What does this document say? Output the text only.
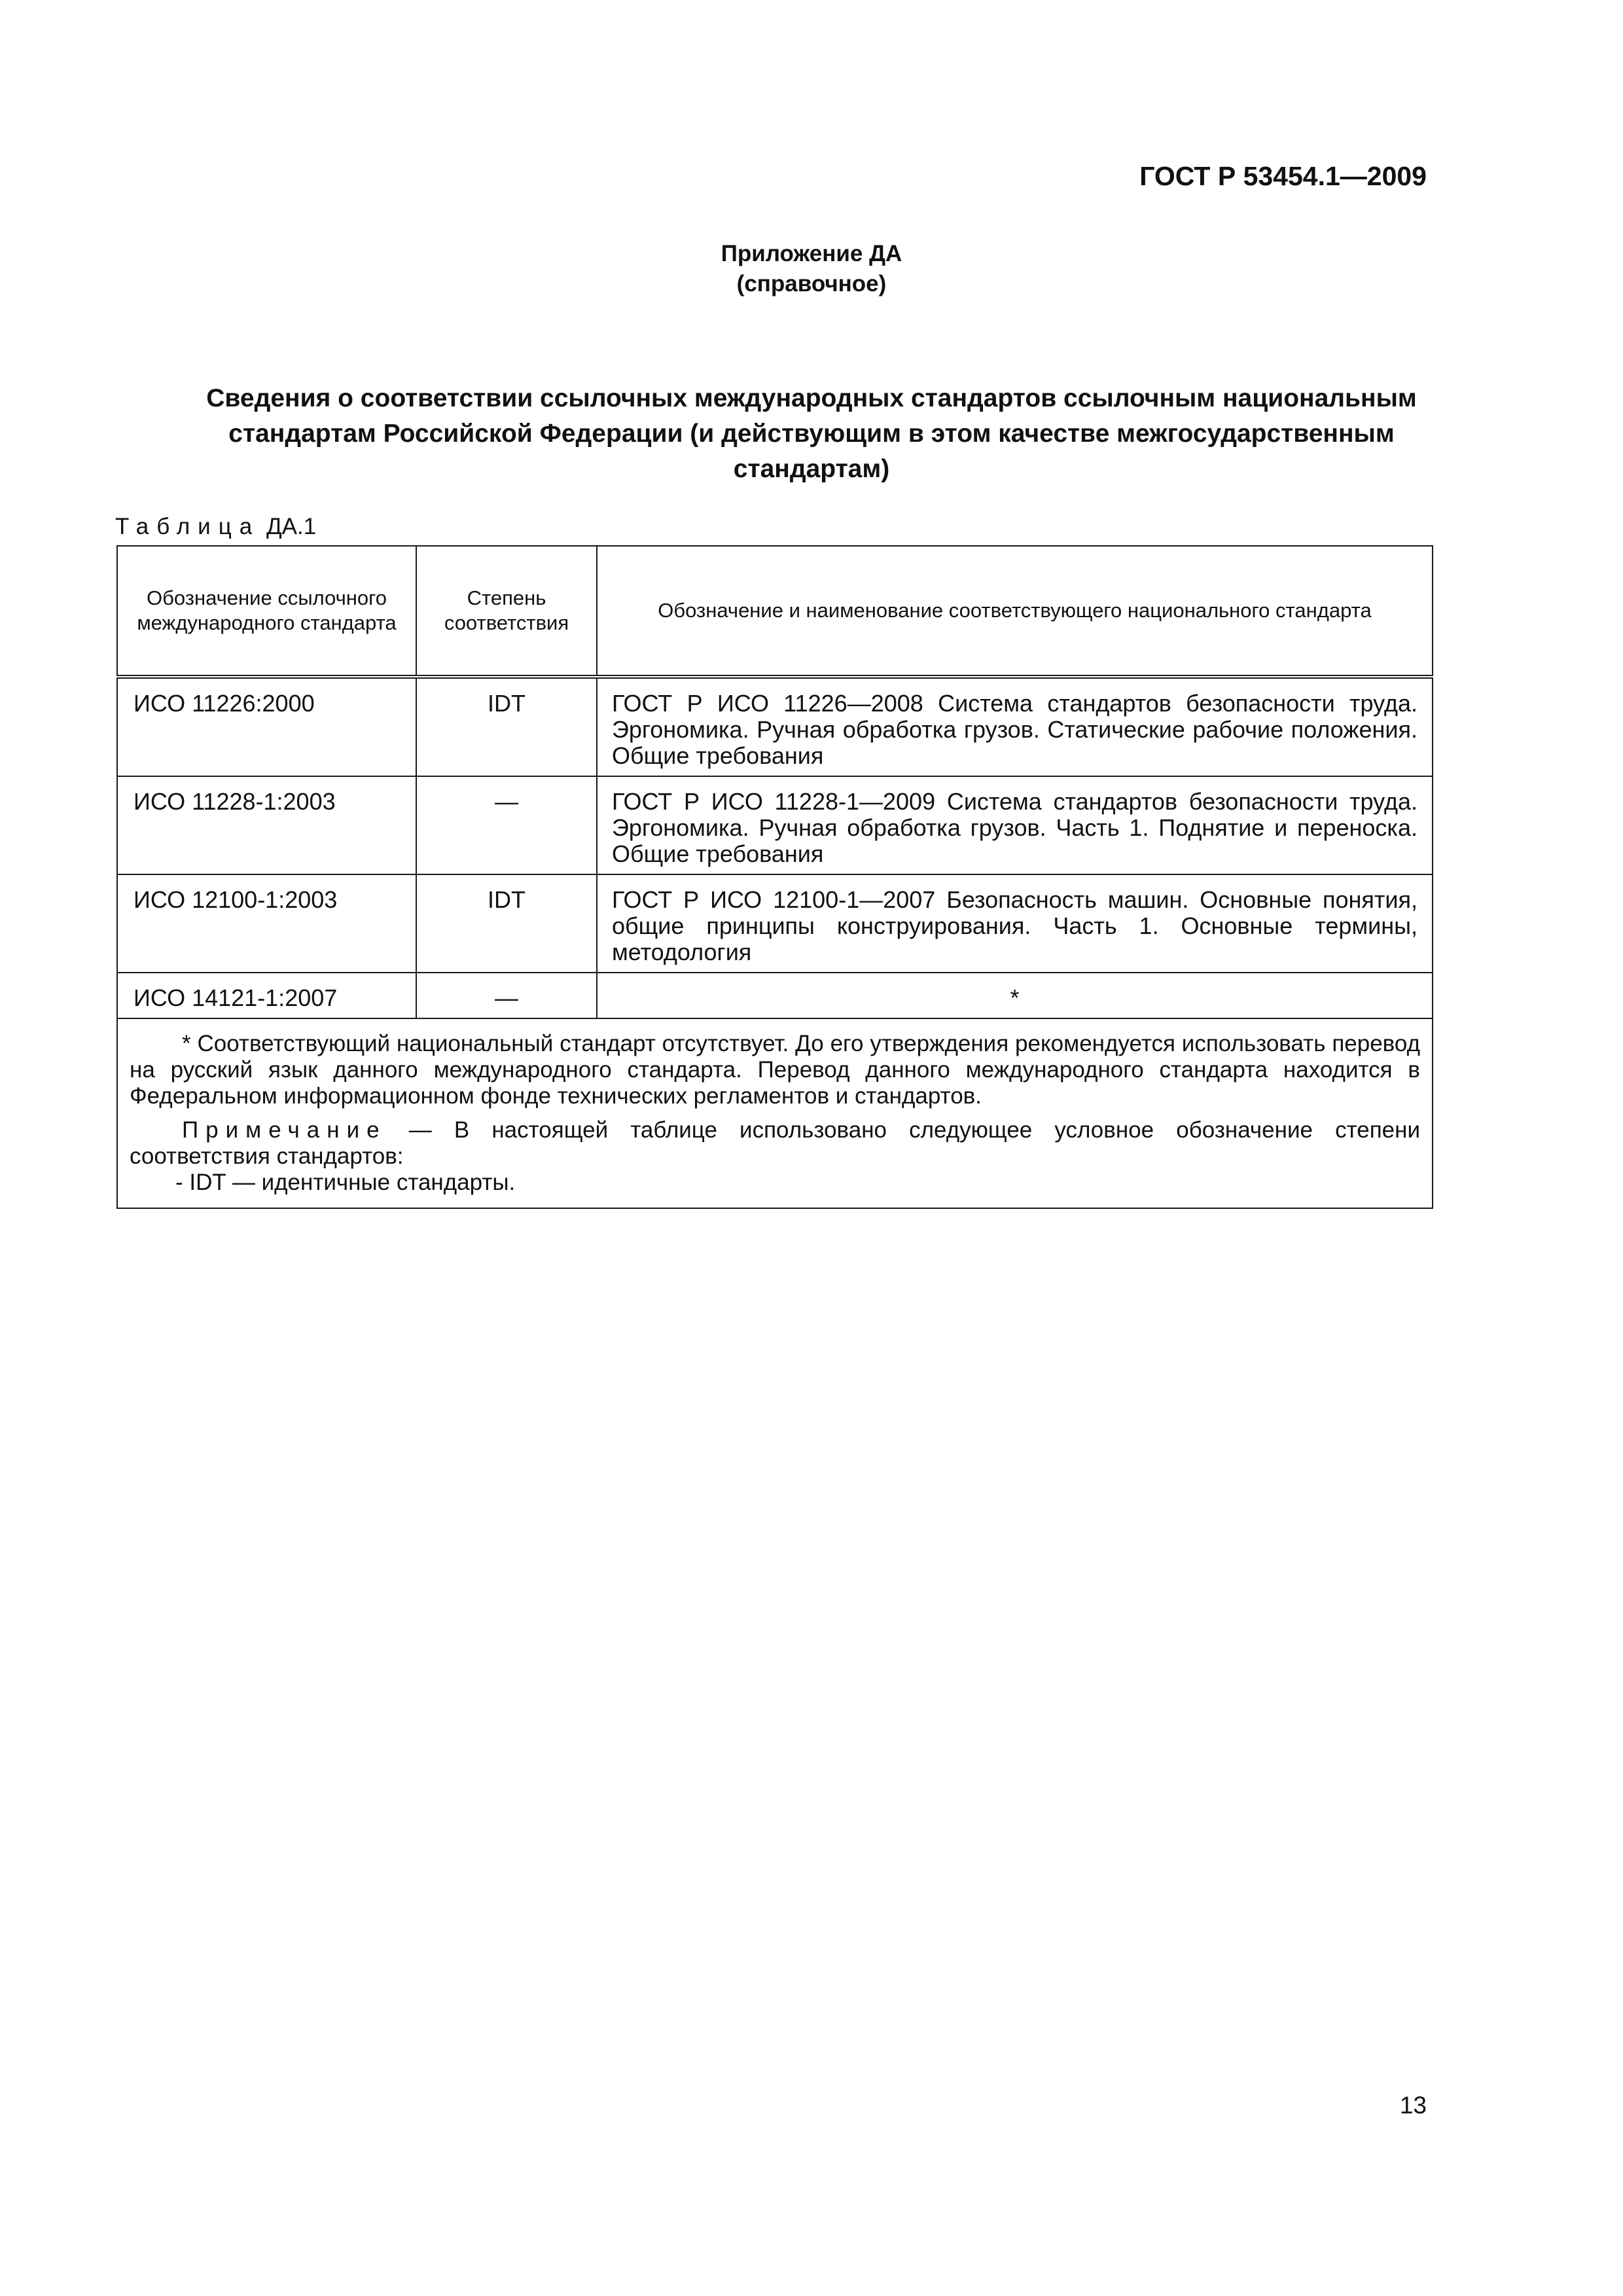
ГОСТ Р 53454.1—2009
Приложение ДА
(справочное)
Сведения о соответствии ссылочных международных стандартов ссылочным национальным
стандартам Российской Федерации (и действующим в этом качестве межгосударственным
стандартам)
Таблица ДА.1
Обозначение ссылочного международного стандарта	Степень соответствия	Обозначение и наименование соответствующего национального стандарта
ИСО 11226:2000	IDT	ГОСТ Р ИСО 11226—2008 Система стандартов безопасности труда. Эргономика. Ручная обработка грузов. Статические рабочие положения. Общие требования
ИСО 11228-1:2003	—	ГОСТ Р ИСО 11228-1—2009 Система стандартов безопасности труда. Эргономика. Ручная обработка грузов. Часть 1. Поднятие и переноска. Общие требования
ИСО 12100-1:2003	IDT	ГОСТ Р ИСО 12100-1—2007 Безопасность машин. Основные понятия, общие принципы конструирования. Часть 1. Основные термины, методология
ИСО 14121-1:2007	—	*

* Соответствующий национальный стандарт отсутствует. До его утверждения рекомендуется использовать перевод на русский язык данного международного стандарта. Перевод данного международного стандарта находится в Федеральном информационном фонде технических регламентов и стандартов.

Примечание — В настоящей таблице использовано следующее условное обозначение степени соответствия стандартов:

- IDT — идентичные стандарты.		

13
